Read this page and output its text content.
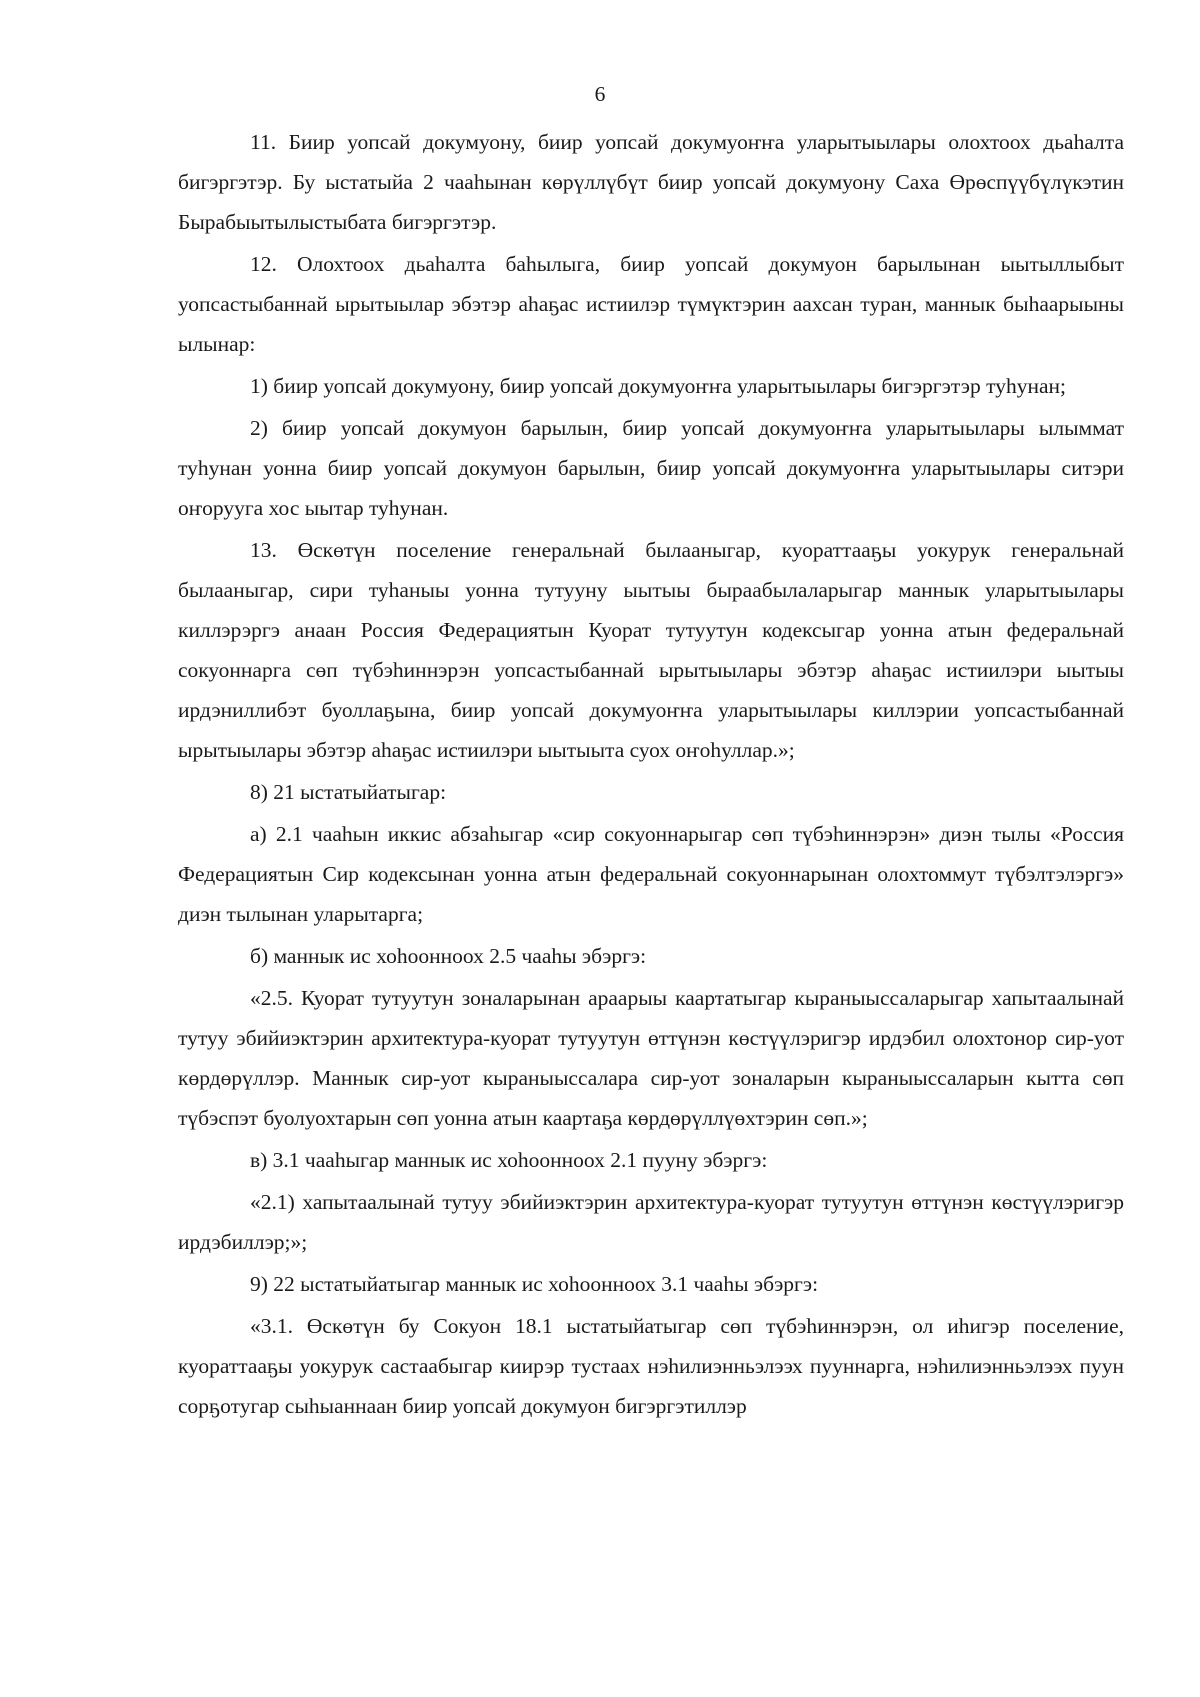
6

11. Биир уопсай докумуону, биир уопсай докумуоҥҥа уларытыылары олохтоох дьаһалта бигэргэтэр. Бу ыстатыйа 2 чааһынан көрүллүбүт биир уопсай докумуону Саха Өрөспүүбүлүкэтин Бырабыытылыстыбата бигэргэтэр.

12. Олохтоох дьаһалта баһылыга, биир уопсай докумуон барылынан ыытыллыбыт уопсастыбаннай ырытыылар эбэтэр аһаҕас истиилэр түмүктэрин аахсан туран, маннык быһаарыыны ылынар:

1) биир уопсай докумуону, биир уопсай докумуоҥҥа уларытыылары бигэргэтэр туһунан;

2) биир уопсай докумуон барылын, биир уопсай докумуоҥҥа уларытыылары ылыммат туһунан уонна биир уопсай докумуон барылын, биир уопсай докумуоҥҥа уларытыылары ситэри оҥоруугa хос ыытар туһунан.

13. Өскөтүн поселение генеральнай былааныгар, куораттааҕы уокурук генеральнай былааныгар, сири туһаныы уонна тутууну ыытыы быраабылаларыгар маннык уларытыылары киллэрэргэ анаан Россия Федерациятын Куорат тутуутун кодексыгар уонна атын федеральнай сокуоннарга сөп түбэһиннэрэн уопсастыбаннай ырытыылары эбэтэр аһаҕас истиилэри ыытыы ирдэниллибэт буоллаҕына, биир уопсай докумуоҥҥа уларытыылары киллэрии уопсастыбаннай ырытыылары эбэтэр аһаҕас истиилэри ыытыыта суох оҥоһуллар.»;

8) 21 ыстатыйатыгар:

а) 2.1 чааһын иккис абзаһыгар «сир сокуоннарыгар сөп түбэһиннэрэн» диэн тылы «Россия Федерациятын Сир кодексынан уонна атын федеральнай сокуоннарынан олохтоммут түбэлтэлэргэ» диэн тылынан уларытарга;

б) маннык ис хоһоонноох 2.5 чааһы эбэргэ:

«2.5. Куорат тутуутун зоналарынан араарыы каартатыгар кыраныыссаларыгар хапытаалынай тутуу эбийиэктэрин архитектура-куорат тутуутун өттүнэн көстүүлэригэр ирдэбил олохтонор сир-уот көрдөрүллэр. Маннык сир-уот кыраныыссалара сир-уот зоналарын кыраныыссаларын кытта сөп түбэспэт буолуохтарын сөп уонна атын каартаҕа көрдөрүллүөхтэрин сөп.»;

в) 3.1 чааһыгар маннык ис хоһоонноох 2.1 пууну эбэргэ:

«2.1) хапытаалынай тутуу эбийиэктэрин архитектура-куорат тутуутун өттүнэн көстүүлэригэр ирдэбиллэр;»;

9) 22 ыстатыйатыгар маннык ис хоһоонноох 3.1 чааһы эбэргэ:

«3.1. Өскөтүн бу Сокуон 18.1 ыстатыйатыгар сөп түбэһиннэрэн, ол иһигэр поселение, куораттааҕы уокурук састаабыгар киирэр тустаах нэһилиэнньэлээх пууннарга, нэһилиэнньэлээх пуун сорҕотугар сыһыаннаан биир уопсай докумуон бигэргэтиллэр
